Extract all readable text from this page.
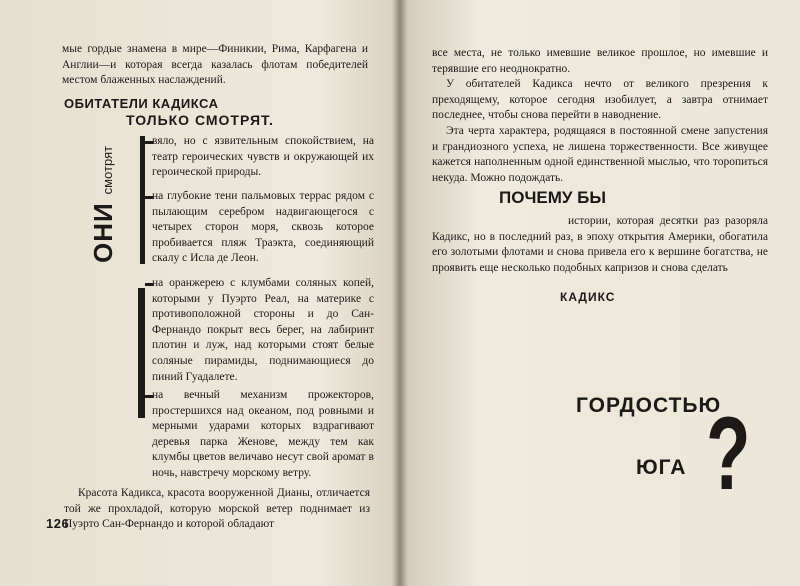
мые гордые знамена в мире—Финикии, Рима, Карфагена и Англии—и которая всегда казалась флотам победителей местом блаженных наслаждений.

ОБИТАТЕЛИ КАДИКСА
ТОЛЬКО СМОТРЯТ.
ОНИ смотрят

вяло, но с язвительным спокойствием, на театр героических чувств и окружающей их героической природы.

на глубокие тени пальмовых террас рядом с пылающим серебром надвигающегося с четырех сторон моря, сквозь которое пробивается пляж Траэкта, соединяющий скалу с Исла де Леон.

на оранжерею с клумбами соляных копей, которыми у Пуэрто Реал, на материке с противоположной стороны и до Сан-Фернандо покрыт весь берег, на лабиринт плотин и луж, над которыми стоят белые соляные пирамиды, поднимающиеся до пиний Гуадалете.

на вечный механизм прожекторов, простершихся над океаном, под ровными и мерными ударами которых вздрагивают деревья парка Женове, между тем как клумбы цветов величаво несут свой аромат в ночь, навстречу морскому ветру.

Красота Кадикса, красота вооруженной Дианы, отличается той же прохладой, которую морской ветер поднимает из Пуэрто Сан-Фернандо и которой обладают

126

все места, не только имевшие великое прошлое, но имевшие и терявшие его неоднократно.

У обитателей Кадикса нечто от великого презрения к преходящему, которое сегодня изобилует, а завтра отнимает последнее, чтобы снова перейти в наводнение.

Эта черта характера, родящаяся в постоянной смене запустения и грандиозного успеха, не лишена торжественности. Все живущее кажется наполненным одной единственной мыслью, что торопиться некуда. Можно подождать.

ПОЧЕМУ БЫ

истории, которая десятки раз разоряла Кадикс, но в последний раз, в эпоху открытия Америки, обогатила его золотыми флотами и снова привела его к вершине богатства, не проявить еще несколько подобных капризов и снова сделать

КАДИКС
ГОРДОСТЬЮ
ЮГА ?
